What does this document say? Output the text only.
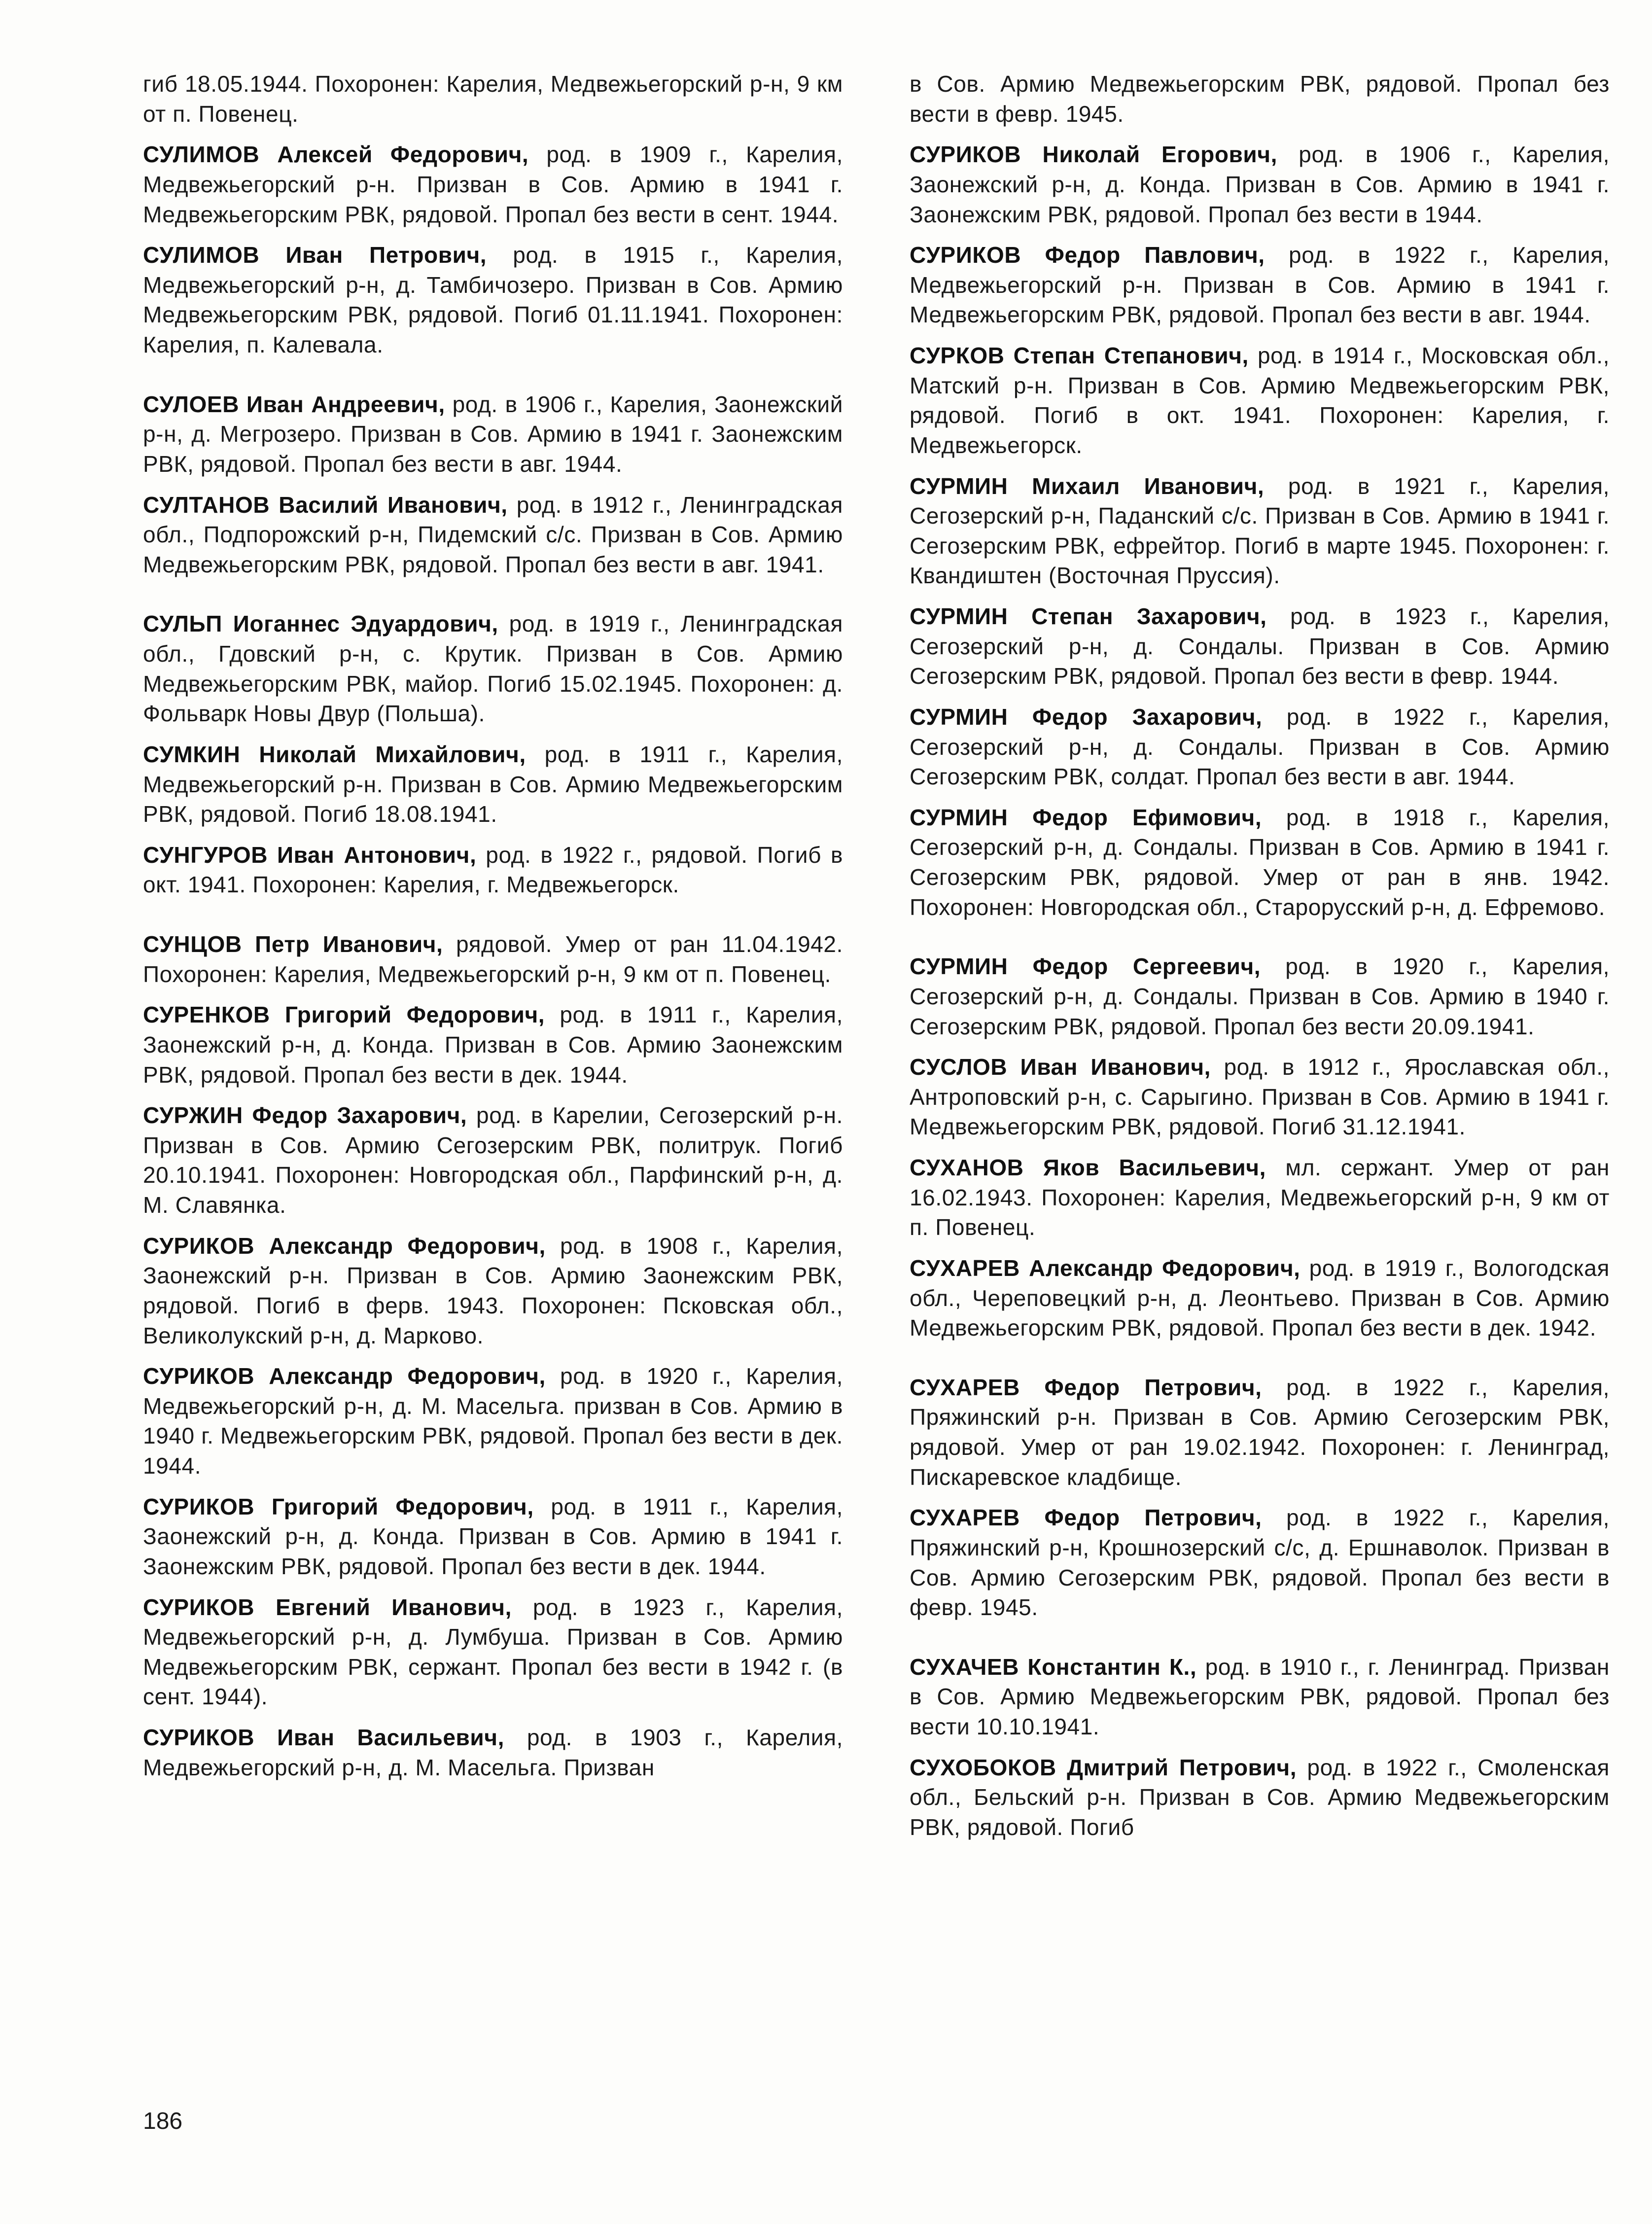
гиб 18.05.1944. Похоронен: Карелия, Медвежьегорский р-н, 9 км от п. Повенец.

СУЛИМОВ Алексей Федорович, род. в 1909 г., Карелия, Медвежьегорский р-н. Призван в Сов. Армию в 1941 г. Медвежьегорским РВК, рядовой. Пропал без вести в сент. 1944.

СУЛИМОВ Иван Петрович, род. в 1915 г., Карелия, Медвежьегорский р-н, д. Тамбичозеро. Призван в Сов. Армию Медвежьегорским РВК, рядовой. Погиб 01.11.1941. Похоронен: Карелия, п. Калевала.

СУЛОЕВ Иван Андреевич, род. в 1906 г., Карелия, Заонежский р-н, д. Мегрозеро. Призван в Сов. Армию в 1941 г. Заонежским РВК, рядовой. Пропал без вести в авг. 1944.

СУЛТАНОВ Василий Иванович, род. в 1912 г., Ленинградская обл., Подпорожский р-н, Пидемский с/с. Призван в Сов. Армию Медвежьегорским РВК, рядовой. Пропал без вести в авг. 1941.

СУЛЬП Иоганнес Эдуардович, род. в 1919 г., Ленинградская обл., Гдовский р-н, с. Крутик. Призван в Сов. Армию Медвежьегорским РВК, майор. Погиб 15.02.1945. Похоронен: д. Фольварк Новы Двур (Польша).

СУМКИН Николай Михайлович, род. в 1911 г., Карелия, Медвежьегорский р-н. Призван в Сов. Армию Медвежьегорским РВК, рядовой. Погиб 18.08.1941.

СУНГУРОВ Иван Антонович, род. в 1922 г., рядовой. Погиб в окт. 1941. Похоронен: Карелия, г. Медвежьегорск.

СУНЦОВ Петр Иванович, рядовой. Умер от ран 11.04.1942. Похоронен: Карелия, Медвежьегорский р-н, 9 км от п. Повенец.

СУРЕНКОВ Григорий Федорович, род. в 1911 г., Карелия, Заонежский р-н, д. Конда. Призван в Сов. Армию Заонежским РВК, рядовой. Пропал без вести в дек. 1944.

СУРЖИН Федор Захарович, род. в Карелии, Сегозерский р-н. Призван в Сов. Армию Сегозерским РВК, политрук. Погиб 20.10.1941. Похоронен: Новгородская обл., Парфинский р-н, д. М. Славянка.

СУРИКОВ Александр Федорович, род. в 1908 г., Карелия, Заонежский р-н. Призван в Сов. Армию Заонежским РВК, рядовой. Погиб в ферв. 1943. Похоронен: Псковская обл., Великолукский р-н, д. Марково.

СУРИКОВ Александр Федорович, род. в 1920 г., Карелия, Медвежьегорский р-н, д. М. Масельга. призван в Сов. Армию в 1940 г. Медвежьегорским РВК, рядовой. Пропал без вести в дек. 1944.

СУРИКОВ Григорий Федорович, род. в 1911 г., Карелия, Заонежский р-н, д. Конда. Призван в Сов. Армию в 1941 г. Заонежским РВК, рядовой. Пропал без вести в дек. 1944.

СУРИКОВ Евгений Иванович, род. в 1923 г., Карелия, Медвежьегорский р-н, д. Лумбуша. Призван в Сов. Армию Медвежьегорским РВК, сержант. Пропал без вести в 1942 г. (в сент. 1944).

СУРИКОВ Иван Васильевич, род. в 1903 г., Карелия, Медвежьегорский р-н, д. М. Масельга. Призван

в Сов. Армию Медвежьегорским РВК, рядовой. Пропал без вести в февр. 1945.

СУРИКОВ Николай Егорович, род. в 1906 г., Карелия, Заонежский р-н, д. Конда. Призван в Сов. Армию в 1941 г. Заонежским РВК, рядовой. Пропал без вести в 1944.

СУРИКОВ Федор Павлович, род. в 1922 г., Карелия, Медвежьегорский р-н. Призван в Сов. Армию в 1941 г. Медвежьегорским РВК, рядовой. Пропал без вести в авг. 1944.

СУРКОВ Степан Степанович, род. в 1914 г., Московская обл., Матский р-н. Призван в Сов. Армию Медвежьегорским РВК, рядовой. Погиб в окт. 1941. Похоронен: Карелия, г. Медвежьегорск.

СУРМИН Михаил Иванович, род. в 1921 г., Карелия, Сегозерский р-н, Паданский с/с. Призван в Сов. Армию в 1941 г. Сегозерским РВК, ефрейтор. Погиб в марте 1945. Похоронен: г. Квандиштен (Восточная Пруссия).

СУРМИН Степан Захарович, род. в 1923 г., Карелия, Сегозерский р-н, д. Сондалы. Призван в Сов. Армию Сегозерским РВК, рядовой. Пропал без вести в февр. 1944.

СУРМИН Федор Захарович, род. в 1922 г., Карелия, Сегозерский р-н, д. Сондалы. Призван в Сов. Армию Сегозерским РВК, солдат. Пропал без вести в авг. 1944.

СУРМИН Федор Ефимович, род. в 1918 г., Карелия, Сегозерский р-н, д. Сондалы. Призван в Сов. Армию в 1941 г. Сегозерским РВК, рядовой. Умер от ран в янв. 1942. Похоронен: Новгородская обл., Старорусский р-н, д. Ефремово.

СУРМИН Федор Сергеевич, род. в 1920 г., Карелия, Сегозерский р-н, д. Сондалы. Призван в Сов. Армию в 1940 г. Сегозерским РВК, рядовой. Пропал без вести 20.09.1941.

СУСЛОВ Иван Иванович, род. в 1912 г., Ярославская обл., Антроповский р-н, с. Сарыгино. Призван в Сов. Армию в 1941 г. Медвежьегорским РВК, рядовой. Погиб 31.12.1941.

СУХАНОВ Яков Васильевич, мл. сержант. Умер от ран 16.02.1943. Похоронен: Карелия, Медвежьегорский р-н, 9 км от п. Повенец.

СУХАРЕВ Александр Федорович, род. в 1919 г., Вологодская обл., Череповецкий р-н, д. Леонтьево. Призван в Сов. Армию Медвежьегорским РВК, рядовой. Пропал без вести в дек. 1942.

СУХАРЕВ Федор Петрович, род. в 1922 г., Карелия, Пряжинский р-н. Призван в Сов. Армию Сегозерским РВК, рядовой. Умер от ран 19.02.1942. Похоронен: г. Ленинград, Пискаревское кладбище.

СУХАРЕВ Федор Петрович, род. в 1922 г., Карелия, Пряжинский р-н, Крошнозерский с/с, д. Ершнаволок. Призван в Сов. Армию Сегозерским РВК, рядовой. Пропал без вести в февр. 1945.

СУХАЧЕВ Константин К., род. в 1910 г., г. Ленинград. Призван в Сов. Армию Медвежьегорским РВК, рядовой. Пропал без вести 10.10.1941.

СУХОБОКОВ Дмитрий Петрович, род. в 1922 г., Смоленская обл., Бельский р-н. Призван в Сов. Армию Медвежьегорским РВК, рядовой. Погиб

186
